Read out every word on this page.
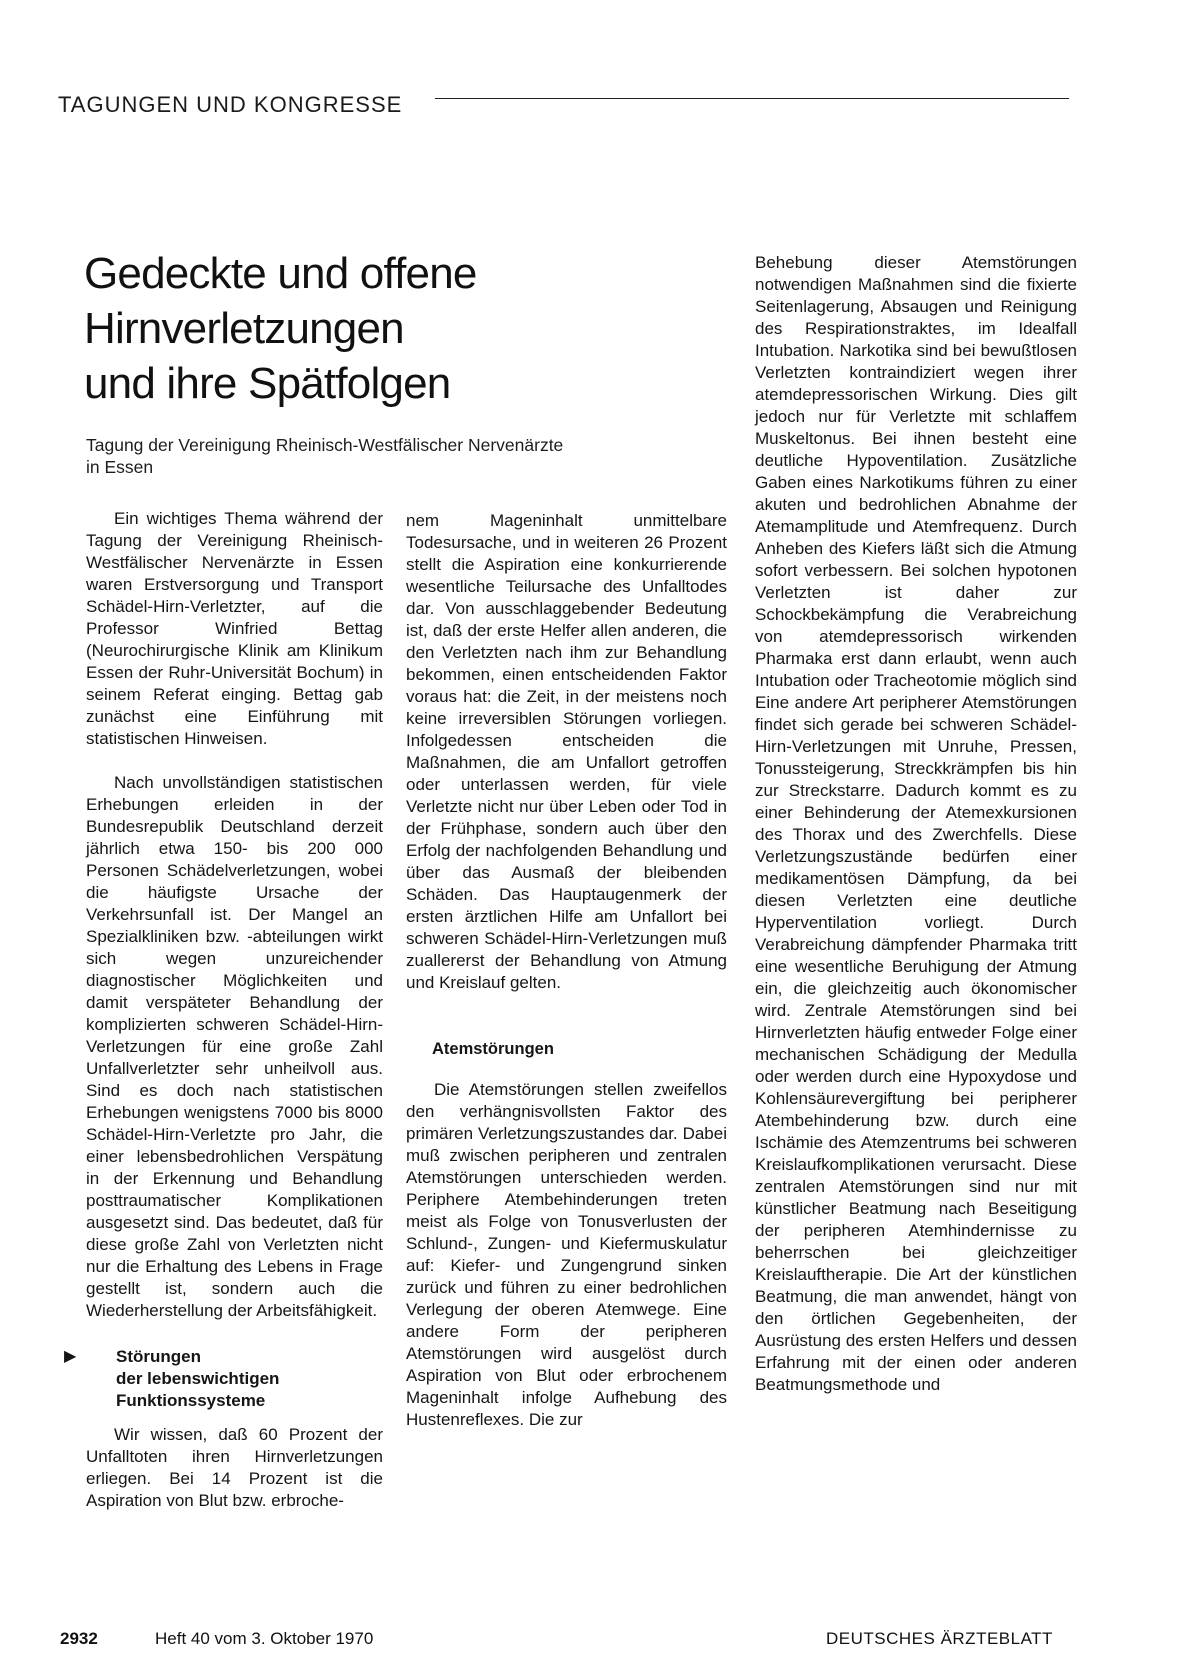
TAGUNGEN UND KONGRESSE
Gedeckte und offene
Hirnverletzungen
und ihre Spätfolgen
Tagung der Vereinigung Rheinisch-Westfälischer Nervenärzte
in Essen

Ein wichtiges Thema während der Tagung der Vereinigung Rheinisch-Westfälischer Nervenärzte in Essen waren Erstversorgung und Transport Schädel-Hirn-Verletzter, auf die Professor Winfried Bettag (Neurochirurgische Klinik am Klinikum Essen der Ruhr-Universität Bochum) in seinem Referat einging. Bettag gab zunächst eine Einführung mit statistischen Hinweisen.

Nach unvollständigen statistischen Erhebungen erleiden in der Bundesrepublik Deutschland derzeit jährlich etwa 150- bis 200 000 Personen Schädelverletzungen, wobei die häufigste Ursache der Verkehrsunfall ist. Der Mangel an Spezialkliniken bzw. -abteilungen wirkt sich wegen unzureichender diagnostischer Möglichkeiten und damit verspäteter Behandlung der komplizierten schweren Schädel-Hirn-Verletzungen für eine große Zahl Unfallverletzter sehr unheilvoll aus. Sind es doch nach statistischen Erhebungen wenigstens 7000 bis 8000 Schädel-Hirn-Verletzte pro Jahr, die einer lebensbedrohlichen Verspätung in der Erkennung und Behandlung posttraumatischer Komplikationen ausgesetzt sind. Das bedeutet, daß für diese große Zahl von Verletzten nicht nur die Erhaltung des Lebens in Frage gestellt ist, sondern auch die Wiederherstellung der Arbeitsfähigkeit.

▶ Störungen
der lebenswichtigen
Funktionssysteme

Wir wissen, daß 60 Prozent der Unfalltoten ihren Hirnverletzungen erliegen. Bei 14 Prozent ist die Aspiration von Blut bzw. erbroche-

nem Mageninhalt unmittelbare Todesursache, und in weiteren 26 Prozent stellt die Aspiration eine konkurrierende wesentliche Teilursache des Unfalltodes dar. Von ausschlaggebender Bedeutung ist, daß der erste Helfer allen anderen, die den Verletzten nach ihm zur Behandlung bekommen, einen entscheidenden Faktor voraus hat: die Zeit, in der meistens noch keine irreversiblen Störungen vorliegen. Infolgedessen entscheiden die Maßnahmen, die am Unfallort getroffen oder unterlassen werden, für viele Verletzte nicht nur über Leben oder Tod in der Frühphase, sondern auch über den Erfolg der nachfolgenden Behandlung und über das Ausmaß der bleibenden Schäden. Das Hauptaugenmerk der ersten ärztlichen Hilfe am Unfallort bei schweren Schädel-Hirn-Verletzungen muß zuallererst der Behandlung von Atmung und Kreislauf gelten.

Atemstörungen

Die Atemstörungen stellen zweifellos den verhängnisvollsten Faktor des primären Verletzungszustandes dar. Dabei muß zwischen peripheren und zentralen Atemstörungen unterschieden werden. Periphere Atembehinderungen treten meist als Folge von Tonusverlusten der Schlund-, Zungen- und Kiefermuskulatur auf: Kiefer- und Zungengrund sinken zurück und führen zu einer bedrohlichen Verlegung der oberen Atemwege. Eine andere Form der peripheren Atemstörungen wird ausgelöst durch Aspiration von Blut oder erbrochenem Mageninhalt infolge Aufhebung des Hustenreflexes. Die zur

Behebung dieser Atemstörungen notwendigen Maßnahmen sind die fixierte Seitenlagerung, Absaugen und Reinigung des Respirationstraktes, im Idealfall Intubation. Narkotika sind bei bewußtlosen Verletzten kontraindiziert wegen ihrer atemdepressorischen Wirkung. Dies gilt jedoch nur für Verletzte mit schlaffem Muskeltonus. Bei ihnen besteht eine deutliche Hypoventilation. Zusätzliche Gaben eines Narkotikums führen zu einer akuten und bedrohlichen Abnahme der Atemamplitude und Atemfrequenz. Durch Anheben des Kiefers läßt sich die Atmung sofort verbessern. Bei solchen hypotonen Verletzten ist daher zur Schockbekämpfung die Verabreichung von atemdepressorisch wirkenden Pharmaka erst dann erlaubt, wenn auch Intubation oder Tracheotomie möglich sind Eine andere Art peripherer Atemstörungen findet sich gerade bei schweren Schädel-Hirn-Verletzungen mit Unruhe, Pressen, Tonussteigerung, Streckkrämpfen bis hin zur Streckstarre. Dadurch kommt es zu einer Behinderung der Atemexkursionen des Thorax und des Zwerchfells. Diese Verletzungszustände bedürfen einer medikamentösen Dämpfung, da bei diesen Verletzten eine deutliche Hyperventilation vorliegt. Durch Verabreichung dämpfender Pharmaka tritt eine wesentliche Beruhigung der Atmung ein, die gleichzeitig auch ökonomischer wird. Zentrale Atemstörungen sind bei Hirnverletzten häufig entweder Folge einer mechanischen Schädigung der Medulla oder werden durch eine Hypoxydose und Kohlensäurevergiftung bei peripherer Atembehinderung bzw. durch eine Ischämie des Atemzentrums bei schweren Kreislaufkomplikationen verursacht. Diese zentralen Atemstörungen sind nur mit künstlicher Beatmung nach Beseitigung der peripheren Atemhindernisse zu beherrschen bei gleichzeitiger Kreislauftherapie. Die Art der künstlichen Beatmung, die man anwendet, hängt von den örtlichen Gegebenheiten, der Ausrüstung des ersten Helfers und dessen Erfahrung mit der einen oder anderen Beatmungsmethode und

2932	Heft 40 vom 3. Oktober 1970	DEUTSCHES ÄRZTEBLATT
